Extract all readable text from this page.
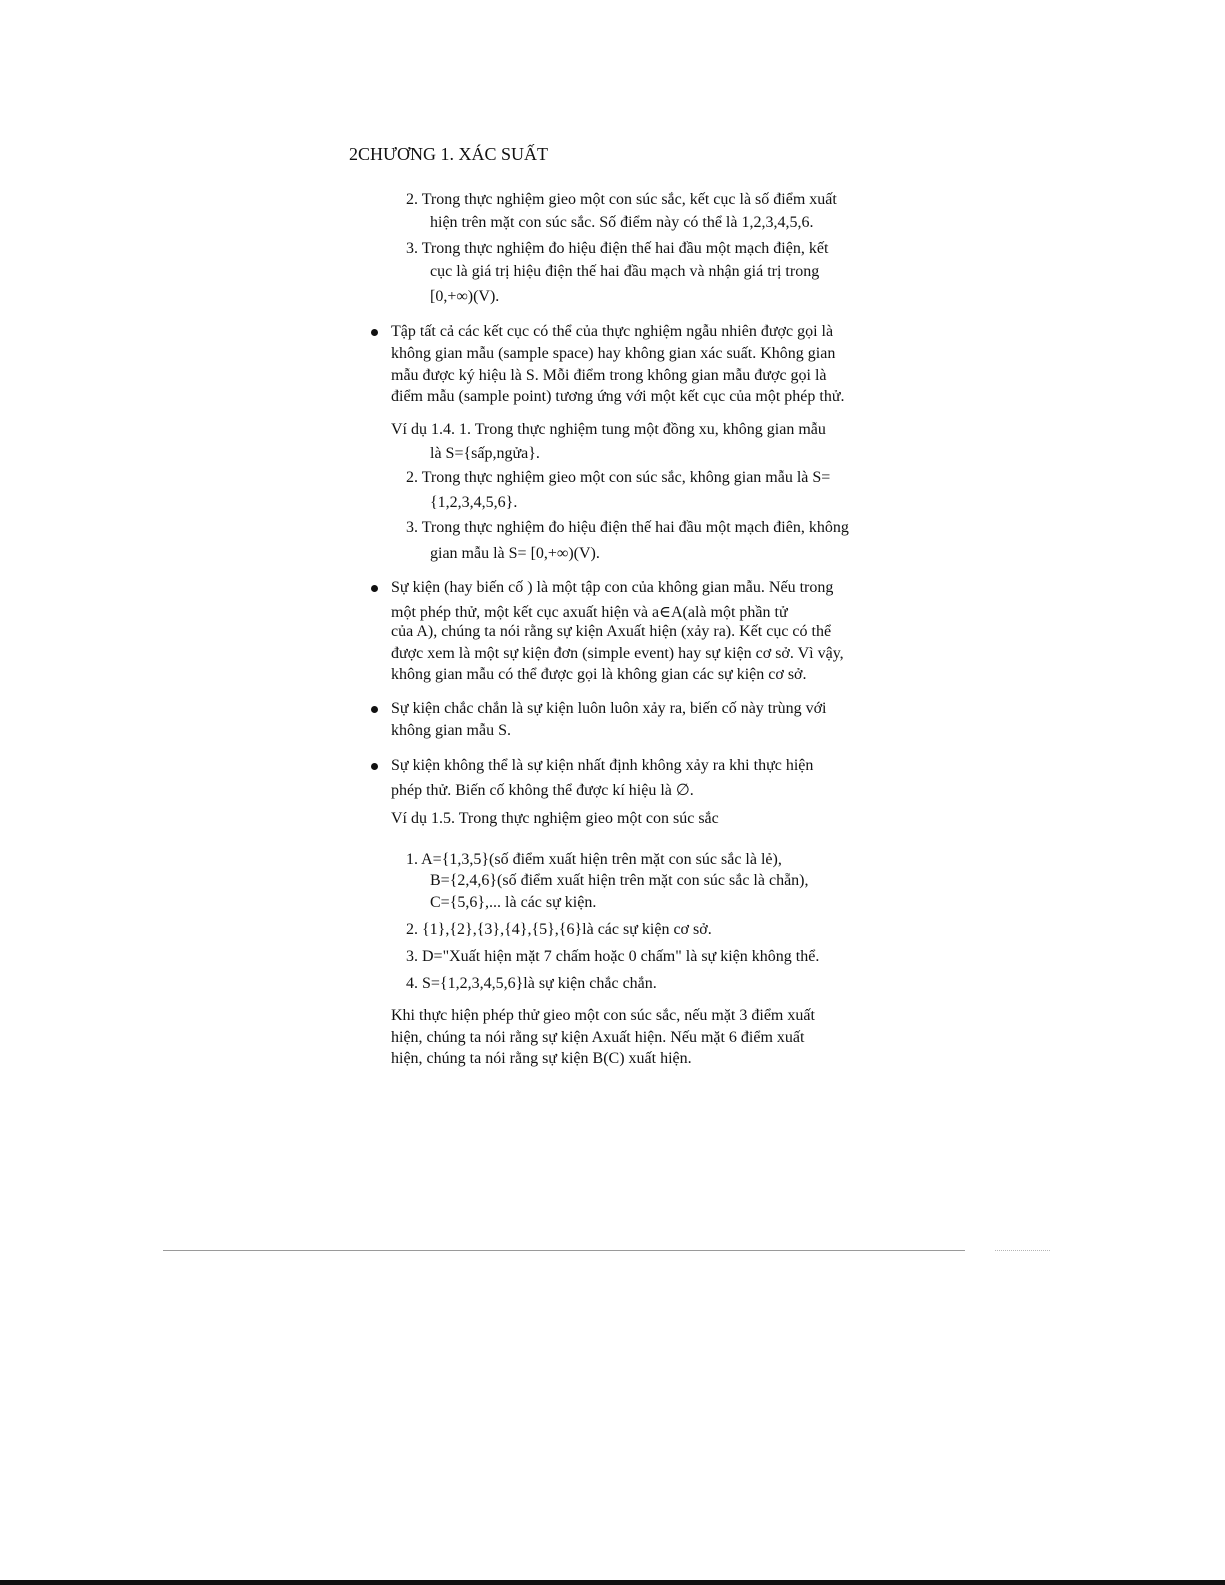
2CHƯƠNG 1. XÁC SUẤT
2. Trong thực nghiệm gieo một con súc sắc, kết cục là số điểm xuất
hiện trên mặt con súc sắc. Số điểm này có thể là 1,2,3,4,5,6.
3. Trong thực nghiệm đo hiệu điện thế hai đầu một mạch điện, kết
cục là giá trị hiệu điện thế hai đầu mạch và nhận giá trị trong
[0,+∞)(V).
Tập tất cả các kết cục có thể của thực nghiệm ngẫu nhiên được gọi là
không gian mẫu (sample space) hay không gian xác suất. Không gian
mẫu được ký hiệu là S. Mỗi điểm trong không gian mẫu được gọi là
điểm mẫu (sample point) tương ứng với một kết cục của một phép thử.
Ví dụ 1.4. 1. Trong thực nghiệm tung một đồng xu, không gian mẫu
là S={sấp,ngửa}.
2. Trong thực nghiệm gieo một con súc sắc, không gian mẫu là S=
{1,2,3,4,5,6}.
3. Trong thực nghiệm đo hiệu điện thế hai đầu một mạch điên, không
gian mẫu là S= [0,+∞)(V).
Sự kiện (hay biến cố ) là một tập con của không gian mẫu. Nếu trong
một phép thử, một kết cục axuất hiện và a∈A(alà một phần tử
của A), chúng ta nói rằng sự kiện Axuất hiện (xảy ra). Kết cục có thể
được xem là một sự kiện đơn (simple event) hay sự kiện cơ sở. Vì vậy,
không gian mẫu có thể được gọi là không gian các sự kiện cơ sở.
Sự kiện chắc chắn là sự kiện luôn luôn xảy ra, biến cố này trùng với
không gian mẫu S.
Sự kiện không thể là sự kiện nhất định không xảy ra khi thực hiện
phép thử. Biến cố không thể được kí hiệu là ∅.
Ví dụ 1.5. Trong thực nghiệm gieo một con súc sắc
1. A={1,3,5}(số điểm xuất hiện trên mặt con súc sắc là lẻ),
B={2,4,6}(số điểm xuất hiện trên mặt con súc sắc là chẵn),
C={5,6},... là các sự kiện.
2. {1},{2},{3},{4},{5},{6}là các sự kiện cơ sở.
3. D="Xuất hiện mặt 7 chấm hoặc 0 chấm" là sự kiện không thể.
4. S={1,2,3,4,5,6}là sự kiện chắc chắn.
Khi thực hiện phép thử gieo một con súc sắc, nếu mặt 3 điểm xuất
hiện, chúng ta nói rằng sự kiện Axuất hiện. Nếu mặt 6 điểm xuất
hiện, chúng ta nói rằng sự kiện B(C) xuất hiện.
